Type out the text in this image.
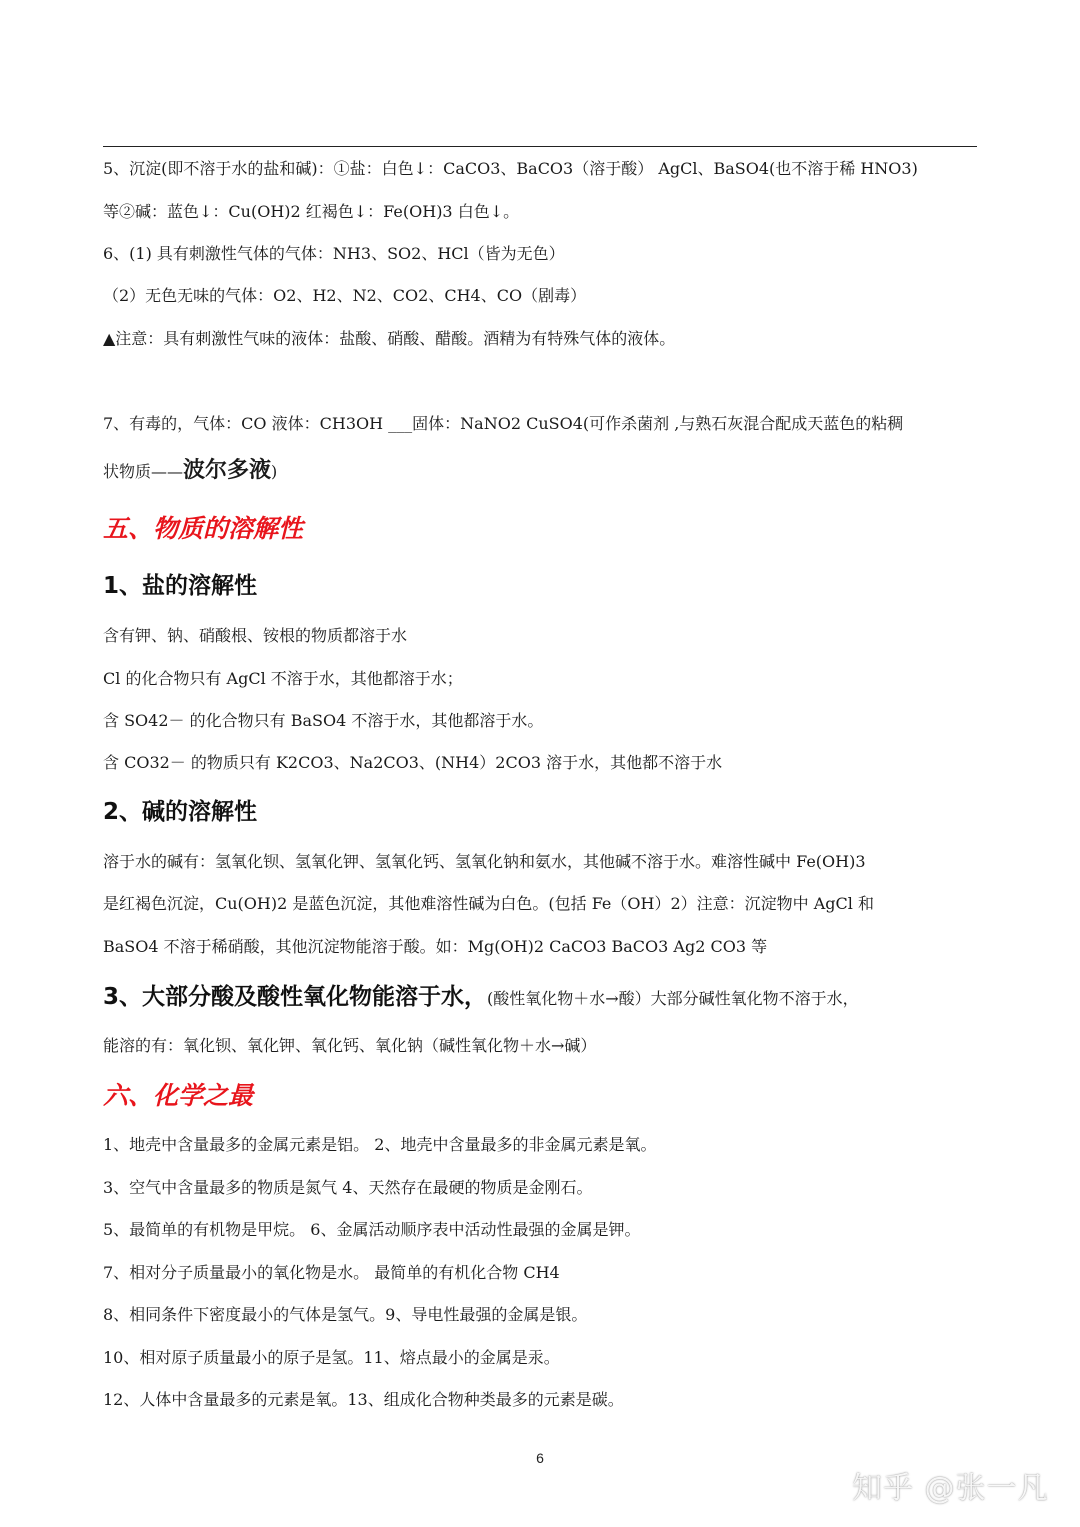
5、沉淀(即不溶于水的盐和碱)：①盐：白色↓：CaCO3、BaCO3（溶于酸） AgCl、BaSO4(也不溶于稀 HNO3)
等②碱：蓝色↓：Cu(OH)2 红褐色↓：Fe(OH)3 白色↓。
6、(1) 具有刺激性气体的气体：NH3、SO2、HCl（皆为无色）
（2）无色无味的气体：O2、H2、N2、CO2、CH4、CO（剧毒）
▲注意：具有刺激性气味的液体：盐酸、硝酸、醋酸。酒精为有特殊气体的液体。
7、有毒的，气体：CO 液体：CH3OH ___固体：NaNO2 CuSO4(可作杀菌剂 ,与熟石灰混合配成天蓝色的粘稠
状物质——波尔多液)
五、物质的溶解性
1、盐的溶解性
含有钾、钠、硝酸根、铵根的物质都溶于水
Cl 的化合物只有 AgCl 不溶于水，其他都溶于水；
含 SO42－ 的化合物只有 BaSO4 不溶于水，其他都溶于水。
含 CO32－ 的物质只有 K2CO3、Na2CO3、(NH4）2CO3 溶于水，其他都不溶于水
2、碱的溶解性
溶于水的碱有：氢氧化钡、氢氧化钾、氢氧化钙、氢氧化钠和氨水，其他碱不溶于水。难溶性碱中 Fe(OH)3
是红褐色沉淀，Cu(OH)2 是蓝色沉淀，其他难溶性碱为白色。(包括 Fe（OH）2）注意：沉淀物中 AgCl 和
BaSO4 不溶于稀硝酸，其他沉淀物能溶于酸。如：Mg(OH)2 CaCO3 BaCO3 Ag2 CO3 等
3、大部分酸及酸性氧化物能溶于水，(酸性氧化物＋水→酸）大部分碱性氧化物不溶于水，
能溶的有：氧化钡、氧化钾、氧化钙、氧化钠（碱性氧化物＋水→碱）
六、化学之最
1、地壳中含量最多的金属元素是铝。 2、地壳中含量最多的非金属元素是氧。
3、空气中含量最多的物质是氮气 4、天然存在最硬的物质是金刚石。
5、最简单的有机物是甲烷。 6、金属活动顺序表中活动性最强的金属是钾。
7、相对分子质量最小的氧化物是水。 最简单的有机化合物 CH4
8、相同条件下密度最小的气体是氢气。9、导电性最强的金属是银。
10、相对原子质量最小的原子是氢。11、熔点最小的金属是汞。
12、人体中含量最多的元素是氧。13、组成化合物种类最多的元素是碳。
6
知乎 @张一凡
